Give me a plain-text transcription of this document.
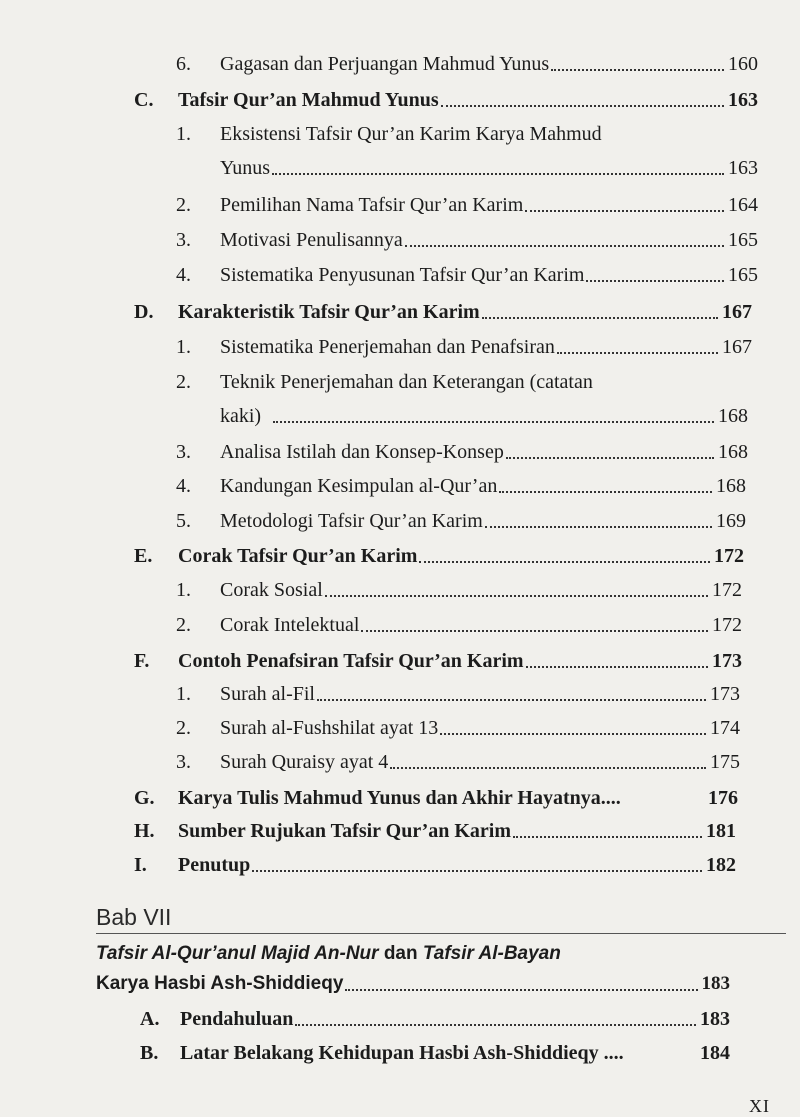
6.	Gagasan dan Perjuangan Mahmud Yunus	160
C.	Tafsir Qur’an Mahmud Yunus	163
1. Eksistensi Tafsir Qur’an Karim Karya Mahmud
Yunus	163
2.	Pemilihan Nama Tafsir Qur’an Karim	164
3.	Motivasi Penulisannya	165
4.	Sistematika Penyusunan Tafsir Qur’an Karim	165
D.	Karakteristik Tafsir Qur’an Karim	167
1.	Sistematika Penerjemahan dan Penafsiran	167
2. Teknik Penerjemahan dan Keterangan (catatan
kaki)	168
3.	Analisa Istilah dan Konsep-Konsep	168
4.	Kandungan Kesimpulan al-Qur’an	168
5.	Metodologi Tafsir Qur’an Karim	169
E.	Corak Tafsir Qur’an Karim	172
1.	Corak Sosial	172
2.	Corak Intelektual	172
F.	Contoh Penafsiran Tafsir Qur’an Karim	173
1.	Surah al-Fil	173
2.	Surah al-Fushshilat ayat 13	174
3.	Surah Quraisy ayat 4	175
G.	Karya Tulis Mahmud Yunus dan Akhir Hayatnya....	176
H.	Sumber Rujukan Tafsir Qur’an Karim	181
I.	Penutup	182
Bab VII
Tafsir Al-Qur’anul Majid An-Nur dan Tafsir Al-Bayan
Karya Hasbi Ash-Shiddieqy	183
A.	Pendahuluan	183
B.	Latar Belakang Kehidupan Hasbi Ash-Shiddieqy ....	184
XI
